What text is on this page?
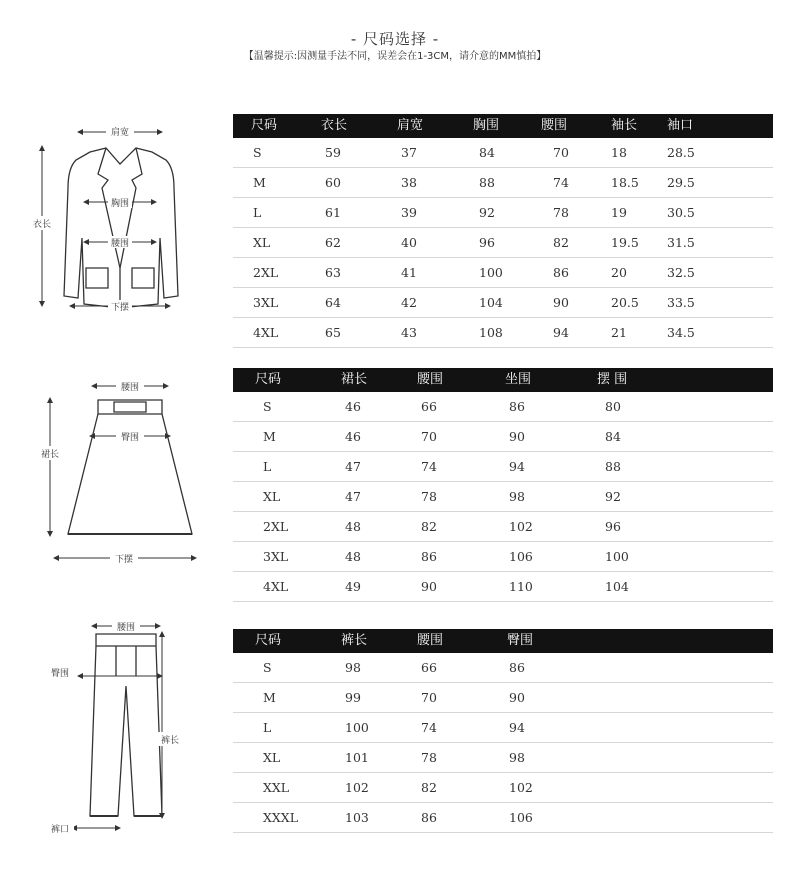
- 尺码选择 -
【温馨提示:因测量手法不同，误差会在1-3CM，请介意的MM慎拍】
肩宽
衣长
胸围
腰围
下摆
尺码	衣长	肩宽	胸围	腰围	袖长 袖口
S	59	37	84	70	18	28.5
M	60	38	88	74	18.5 29.5
L	61	39	92	78	19	30.5
XL	62	40	96	82	19.5 31.5
2XL	63	41	100	86	20	32.5
3XL	64	42	104	90	20.5 33.5
4XL	65	43	108	94	21	34.5
腰围
裙长
臀围
下摆
尺码	裙长	腰围	坐围	摆 围
S	46	66	86	80
M	46	70	90	84
L	47	74	94	88
XL	47	78	98	92
2XL	48	82	102	96
3XL	48	86	106	100
4XL	49	90	110	104
腰围
臀围
裤长
裤口
尺码	裤长	腰围	臀围
S	98	66	86
M	99	70	90
L	100	74	94
XL	101	78	98
XXL	102	82	102
XXXL	103	86	106
